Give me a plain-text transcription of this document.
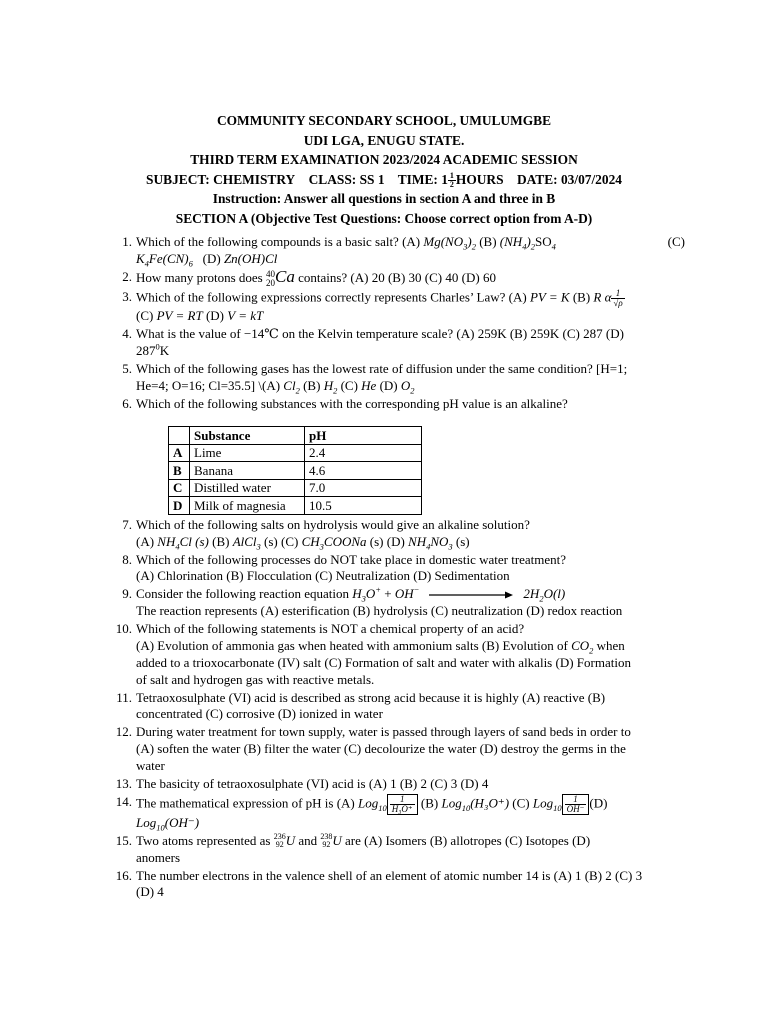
COMMUNITY SECONDARY SCHOOL, UMULUMGBE
UDI LGA, ENUGU STATE.
THIRD TERM EXAMINATION 2023/2024 ACADEMIC SESSION
SUBJECT: CHEMISTRY CLASS: SS 1 TIME: $1 \frac{1}{2}$ HOURS DATE: 03/07/2024
Instruction: Answer all questions in section A and three in B
SECTION A (Objective Test Questions: Choose correct option from A-D)
1. Which of the following compounds is a basic salt? (A) $Mg(NO_3)_2$ (B) $(NH_4)_2SO_4$	(C)

$K_4Fe(CN)_6$ (D) Zn(OH)Cl
2. How many protons does 40
20 Ca contains? (A) 20 (B) 30 (C) 40 (D) 60
3. Which of the following expressions correctly represents Charles’ Law? (A) PV = K (B) R α $\frac{1}{√\rho}$

(C) PV = RT (D) V = kT
4. What is the value of −14℃ on the Kelvin temperature scale? (A) 259K (B) 259K (C) 287 (D)
$287^0K$
5. Which of the following gases has the lowest rate of diffusion under the same condition? [H=1;
He=4; O=16; Cl=35.5] \(A) $Cl_2$ (B) $H_2$ (C) He (D) $O_2$
6. Which of the following substances with the corresponding pH value is an alkaline?
	Substance	pH
A	Lime	2.4
B	Banana	4.6
C	Distilled water	7.0
D	Milk of magnesia	10.5
7. Which of the following salts on hydrolysis would give an alkaline solution?
(A) $NH_4Cl$ (s) (B) AlCl$_3$ (s) (C) $CH_3COONa$ (s) (D) $NH_4NO_3$ (s)
8. Which of the following processes do NOT take place in domestic water treatment?
(A) Chlorination (B) Flocculation (C) Neutralization (D) Sedimentation
9. Consider the following reaction equation $H_3O^+ + OH^-$	$2H_2O(l)$
The reaction represents (A) esterification (B) hydrolysis (C) neutralization (D) redox reaction
10. Which of the following statements is NOT a chemical property of an acid?
(A) Evolution of ammonia gas when heated with ammonium salts (B) Evolution of $CO_2$ when
added to a trioxocarbonate (IV) salt (C) Formation of salt and water with alkalis (D) Formation
of salt and hydrogen gas with reactive metals.
11. Tetraoxosulphate (VI) acid is described as strong acid because it is highly (A) reactive (B)
concentrated (C) corrosive (D) ionized in water
12. During water treatment for town supply, water is passed through layers of sand beds in order to
(A) soften the water (B) filter the water (C) decolourize the water (D) destroy the germs in the
water
13. The basicity of tetraoxosulphate (VI) acid is (A) 1 (B) 2 (C) 3 (D) 4
14. The mathematical expression of pH is (A) $Log_{10} \frac{1}{\text{H₃O⁺}} (B)$ Log$_{10}$(H₃O⁺) (C) $Log_{10} \frac{1}{OH^-} (D)$
Log$_{10}$(OH⁻)
15. Two atoms represented as 236
92 U and 238
92 U are (A) Isomers (B) allotropes (C) Isotopes (D)
anomers
16. The number electrons in the valence shell of an element of atomic number 14 is (A) 1 (B) 2 (C) 3
(D) 4
